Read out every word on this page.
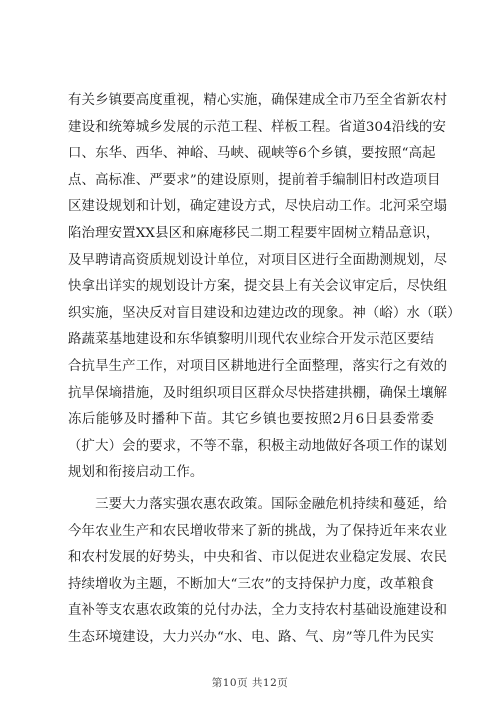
有关乡镇要高度重视，精心实施，确保建成全市乃至全省新农村
建设和统筹城乡发展的示范工程、样板工程。省道304沿线的安
口、东华、西华、神峪、马峡、砚峡等6个乡镇，要按照“高起
点、高标准、严要求”的建设原则，提前着手编制旧村改造项目
区建设规划和计划，确定建设方式，尽快启动工作。北河采空塌
陷治理安置XX县区和麻庵移民二期工程要牢固树立精品意识，
及早聘请高资质规划设计单位，对项目区进行全面勘测规划，尽
快拿出详实的规划设计方案，提交县上有关会议审定后，尽快组
织实施，坚决反对盲目建设和边建边改的现象。神（峪）水（联）
路蔬菜基地建设和东华镇黎明川现代农业综合开发示范区要结
合抗旱生产工作，对项目区耕地进行全面整理，落实行之有效的
抗旱保墒措施，及时组织项目区群众尽快搭建拱棚，确保土壤解
冻后能够及时播种下苗。其它乡镇也要按照2月6日县委常委
（扩大）会的要求，不等不靠，积极主动地做好各项工作的谋划
规划和衔接启动工作。
　　三要大力落实强农惠农政策。国际金融危机持续和蔓延，给
今年农业生产和农民增收带来了新的挑战，为了保持近年来农业
和农村发展的好势头，中央和省、市以促进农业稳定发展、农民
持续增收为主题，不断加大“三农”的支持保护力度，改革粮食
直补等支农惠农政策的兑付办法，全力支持农村基础设施建设和
生态环境建设，大力兴办“水、电、路、气、房”等几件为民实
第10页 共12页
